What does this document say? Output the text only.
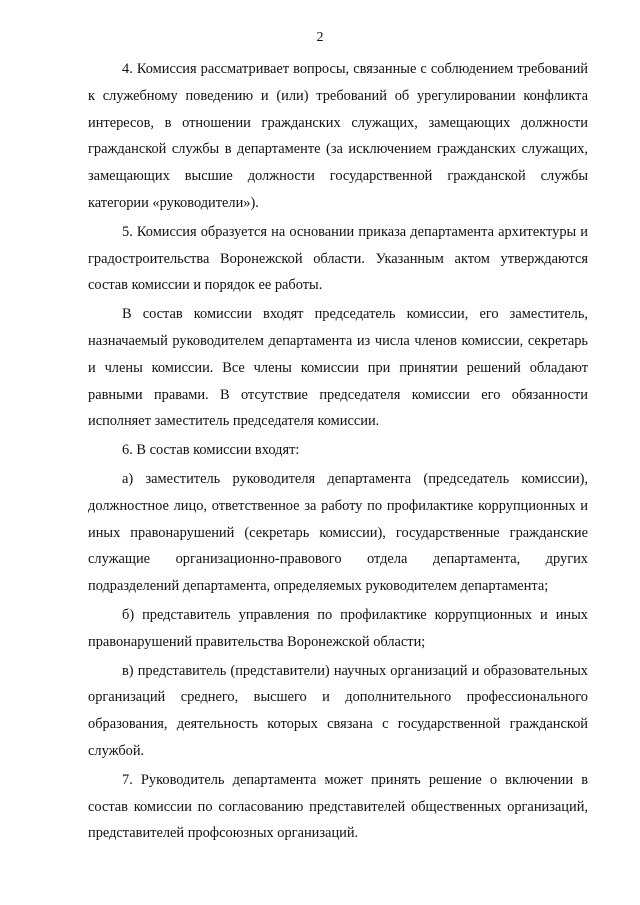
2

4. Комиссия рассматривает вопросы, связанные с соблюдением требований к служебному поведению и (или) требований об урегулировании конфликта интересов, в отношении гражданских служащих, замещающих должности гражданской службы в департаменте (за исключением гражданских служащих, замещающих высшие должности государственной гражданской службы категории «руководители»).

5. Комиссия образуется на основании приказа департамента архитектуры и градостроительства Воронежской области. Указанным актом утверждаются состав комиссии и порядок ее работы.

В состав комиссии входят председатель комиссии, его заместитель, назначаемый руководителем департамента из числа членов комиссии, секретарь и члены комиссии. Все члены комиссии при принятии решений обладают равными правами. В отсутствие председателя комиссии его обязанности исполняет заместитель председателя комиссии.

6. В состав комиссии входят:

а) заместитель руководителя департамента (председатель комиссии), должностное лицо, ответственное за работу по профилактике коррупционных и иных правонарушений (секретарь комиссии), государственные гражданские служащие организационно-правового отдела департамента, других подразделений департамента, определяемых руководителем департамента;

б) представитель управления по профилактике коррупционных и иных правонарушений правительства Воронежской области;

в) представитель (представители) научных организаций и образовательных организаций среднего, высшего и дополнительного профессионального образования, деятельность которых связана с государственной гражданской службой.

7. Руководитель департамента может принять решение о включении в состав комиссии по согласованию представителей общественных организаций, представителей профсоюзных организаций.
